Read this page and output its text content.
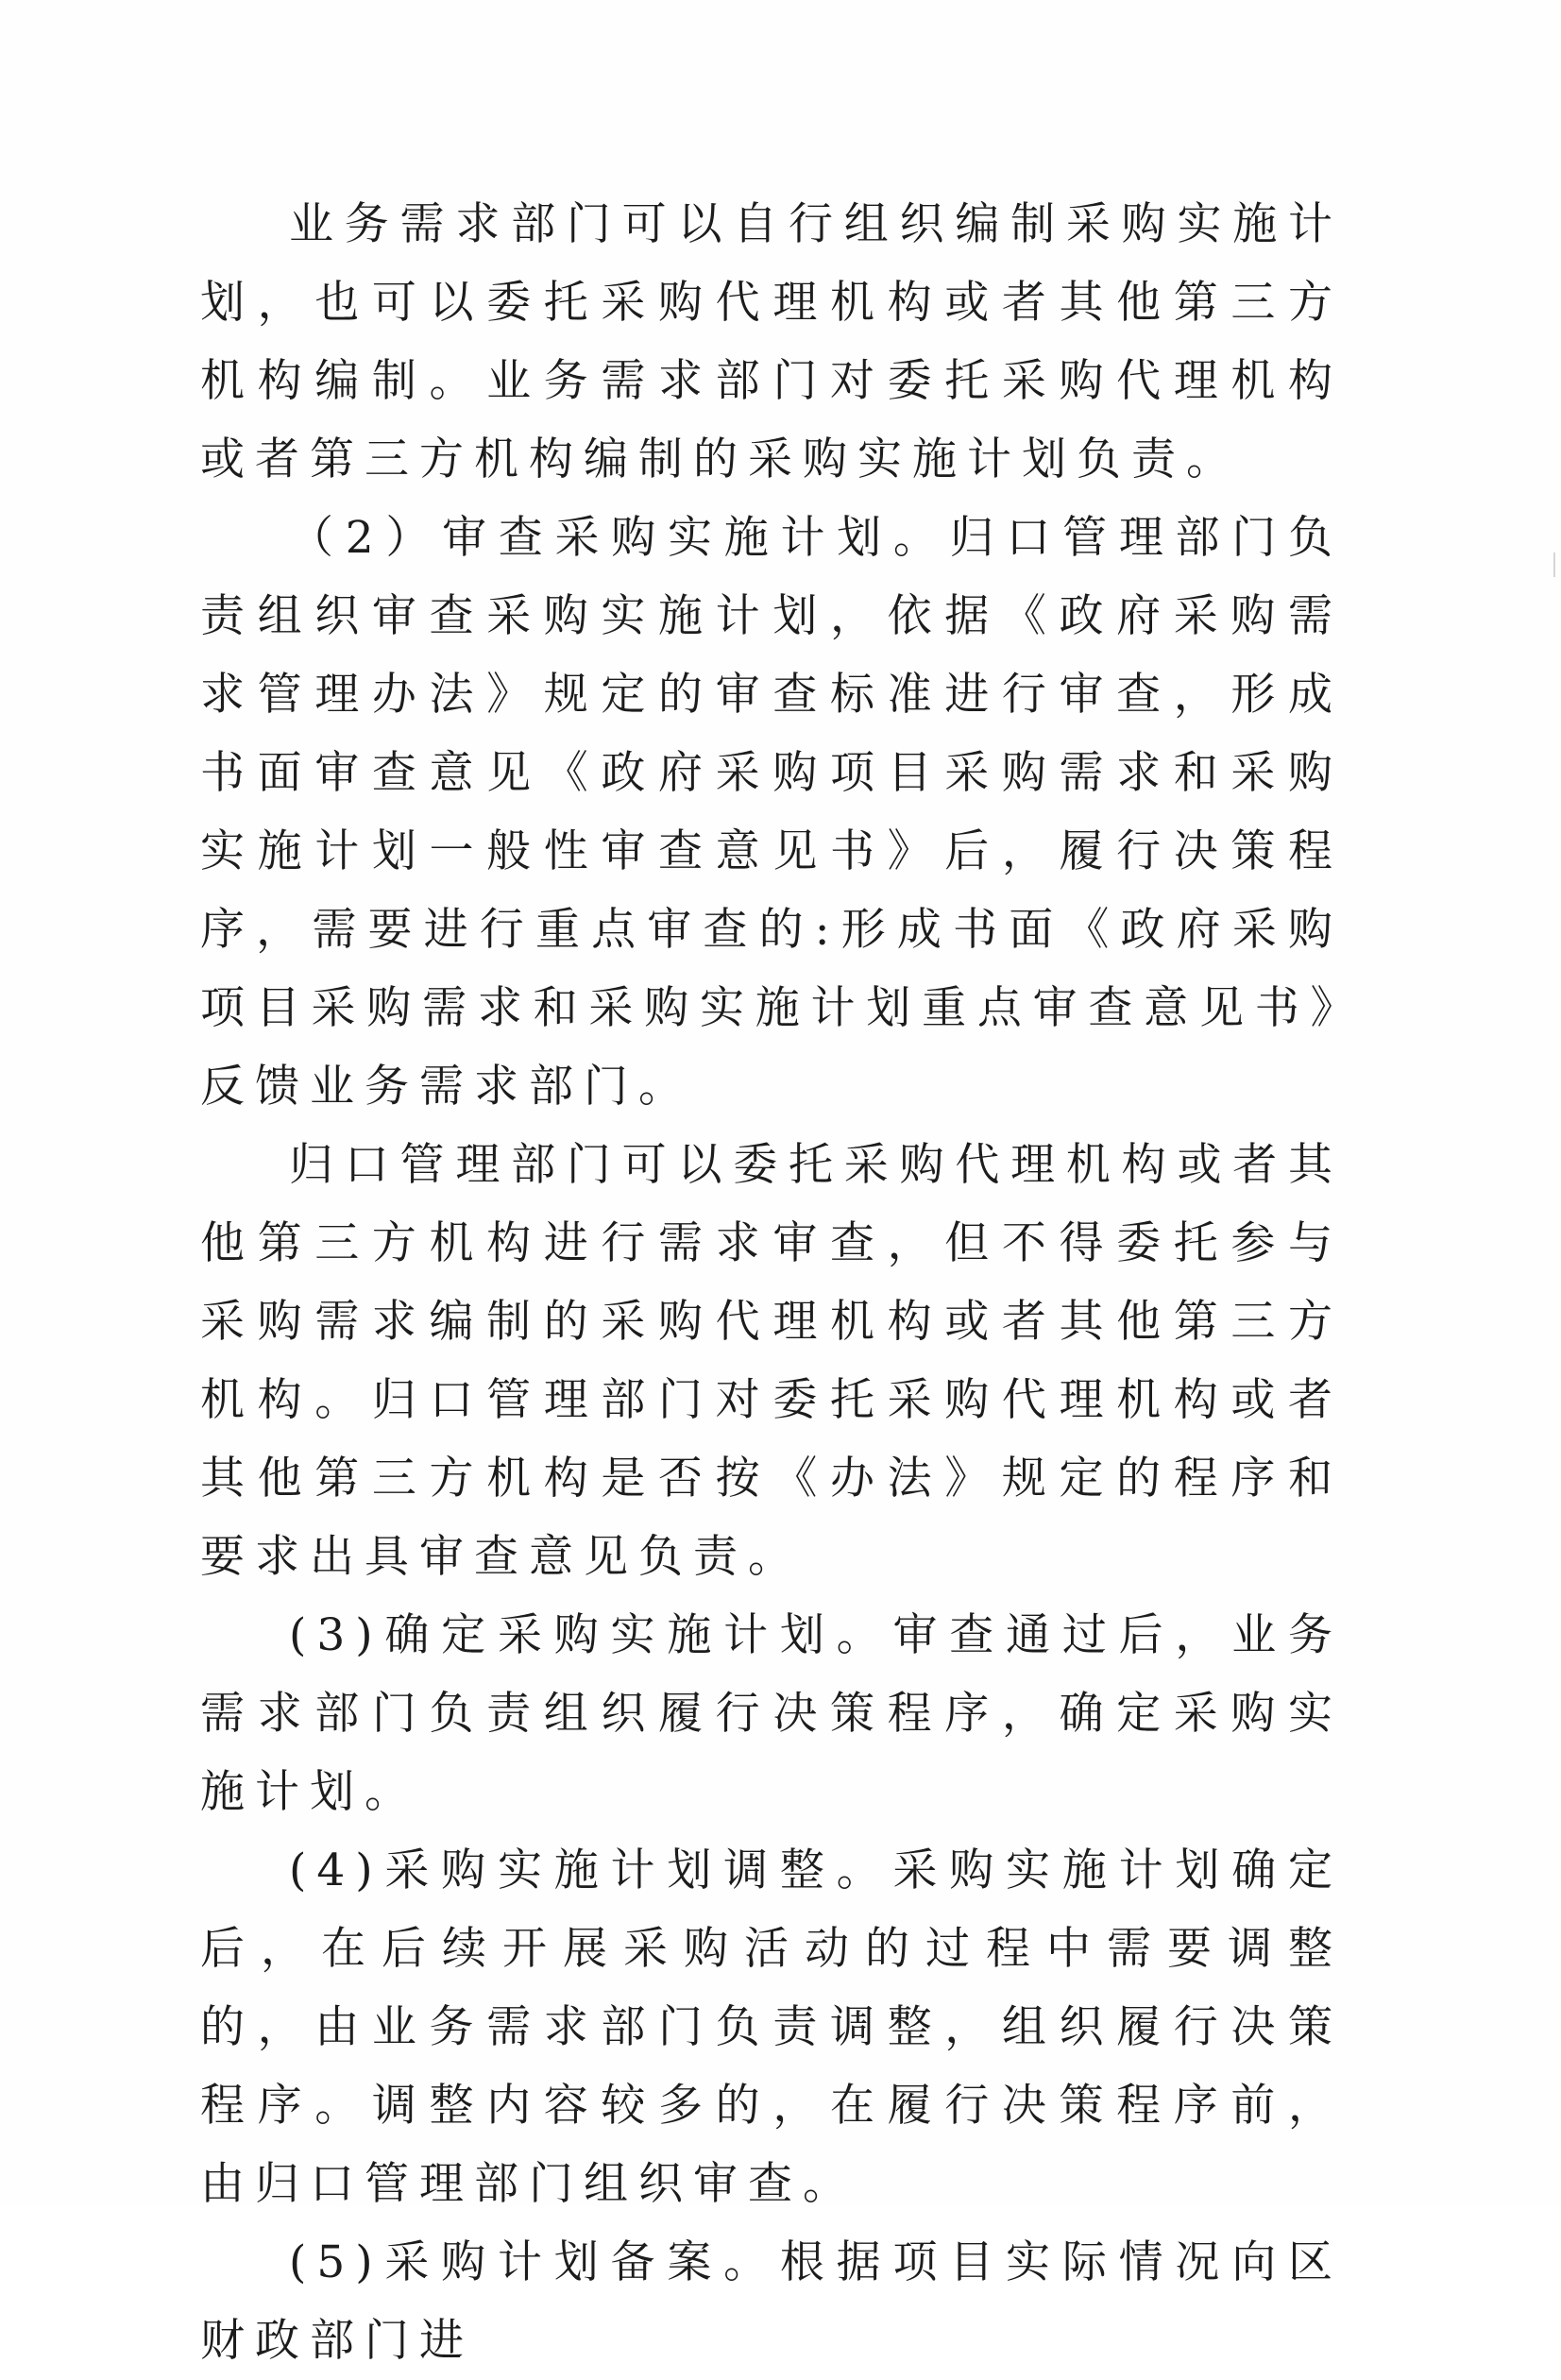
业务需求部门可以自行组织编制采购实施计划，也可以委托采购代理机构或者其他第三方机构编制。业务需求部门对委托采购代理机构或者第三方机构编制的采购实施计划负责。

（2）审查采购实施计划。归口管理部门负责组织审查采购实施计划，依据《政府采购需求管理办法》规定的审查标准进行审查，形成书面审查意见《政府采购项目采购需求和采购实施计划一般性审查意见书》后，履行决策程序，需要进行重点审查的:形成书面《政府采购项目采购需求和采购实施计划重点审查意见书》反馈业务需求部门。

归口管理部门可以委托采购代理机构或者其他第三方机构进行需求审查，但不得委托参与采购需求编制的采购代理机构或者其他第三方机构。归口管理部门对委托采购代理机构或者其他第三方机构是否按《办法》规定的程序和要求出具审查意见负责。

(3)确定采购实施计划。审查通过后，业务需求部门负责组织履行决策程序，确定采购实施计划。

(4)采购实施计划调整。采购实施计划确定后，在后续开展采购活动的过程中需要调整的，由业务需求部门负责调整，组织履行决策程序。调整内容较多的，在履行决策程序前，由归口管理部门组织审查。

(5)采购计划备案。根据项目实际情况向区财政部门进
